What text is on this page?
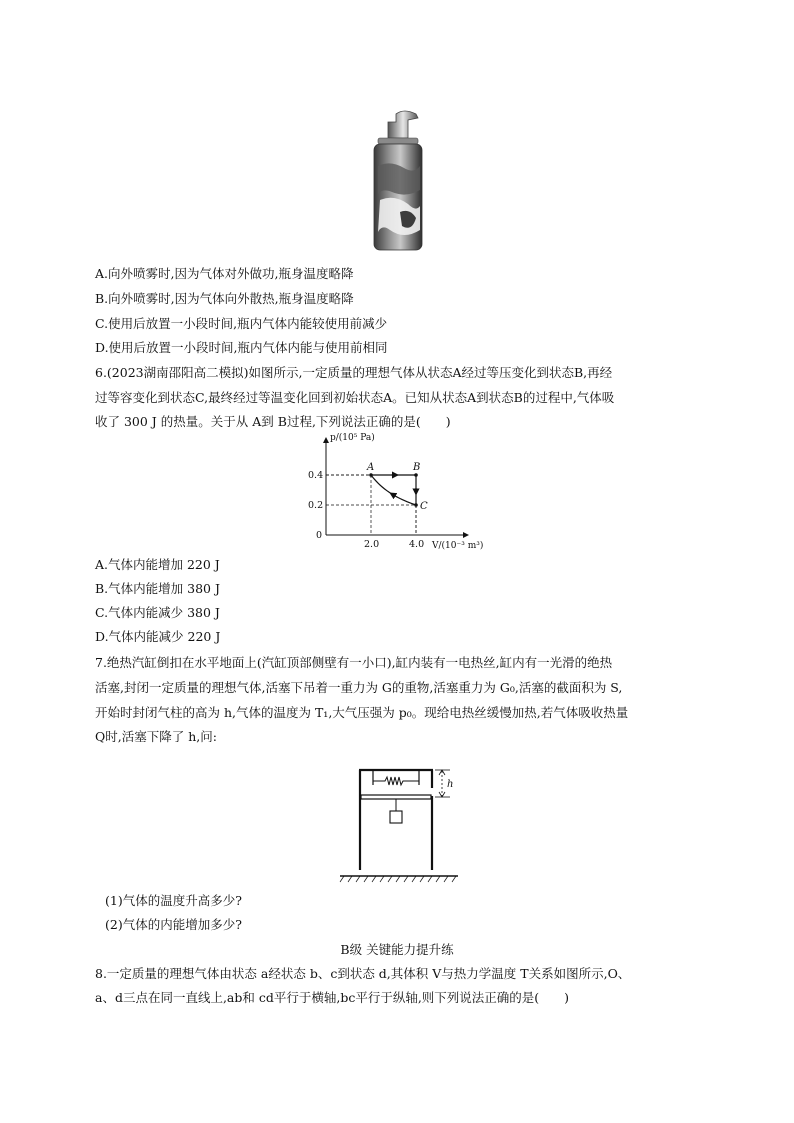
A.向外喷雾时,因为气体对外做功,瓶身温度略降
B.向外喷雾时,因为气体向外散热,瓶身温度略降
C.使用后放置一小段时间,瓶内气体内能较使用前减少
D.使用后放置一小段时间,瓶内气体内能与使用前相同
6.(2023湖南邵阳高二模拟)如图所示,一定质量的理想气体从状态A经过等压变化到状态B,再经
过等容变化到状态C,最终经过等温变化回到初始状态A。已知从状态A到状态B的过程中,气体吸
收了 300 J 的热量。关于从 A到 B过程,下列说法正确的是(　　)
2.0	4.0
0.4
0.2
A	B
C
p/(10⁵ Pa)
V/(10⁻³ m³)
0
A.气体内能增加 220 J
B.气体内能增加 380 J
C.气体内能减少 380 J
D.气体内能减少 220 J
7.绝热汽缸倒扣在水平地面上(汽缸顶部侧壁有一小口),缸内装有一电热丝,缸内有一光滑的绝热
活塞,封闭一定质量的理想气体,活塞下吊着一重力为 G的重物,活塞重力为 G₀,活塞的截面积为 S,
开始时封闭气柱的高为 h,气体的温度为 T₁,大气压强为 p₀。现给电热丝缓慢加热,若气体吸收热量
Q时,活塞下降了 h,问:
h
(1)气体的温度升高多少?
(2)气体的内能增加多少?
B级 关键能力提升练
8.一定质量的理想气体由状态 a经状态 b、c到状态 d,其体积 V与热力学温度 T关系如图所示,O、
a、d三点在同一直线上,ab和 cd平行于横轴,bc平行于纵轴,则下列说法正确的是(　　)
